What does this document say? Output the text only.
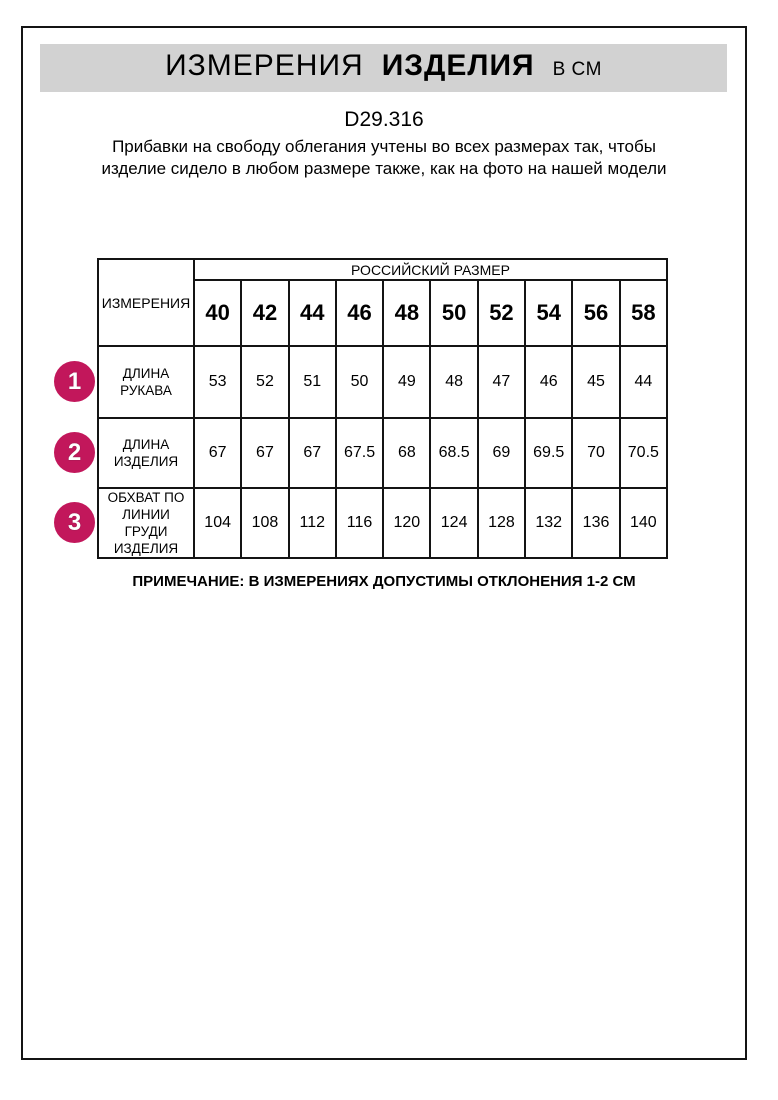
ИЗМЕРЕНИЯ ИЗДЕЛИЯ В СМ
D29.316
Прибавки на свободу облегания учтены во всех размерах так, чтобы изделие сидело в любом размере также, как на фото на нашей модели
ИЗМЕРЕНИЯ	РОССИЙСКИЙ РАЗМЕР									
	40	42	44	46	48	50	52	54	56	58
ДЛИНА РУКАВА	53	52	51	50	49	48	47	46	45	44
ДЛИНА ИЗДЕЛИЯ	67	67	67	67.5	68	68.5	69	69.5	70	70.5
ОБХВАТ ПО ЛИНИИ ГРУДИ ИЗДЕЛИЯ	104	108	112	116	120	124	128	132	136	140
1
2
3
ПРИМЕЧАНИЕ: В ИЗМЕРЕНИЯХ ДОПУСТИМЫ ОТКЛОНЕНИЯ 1-2 СМ
